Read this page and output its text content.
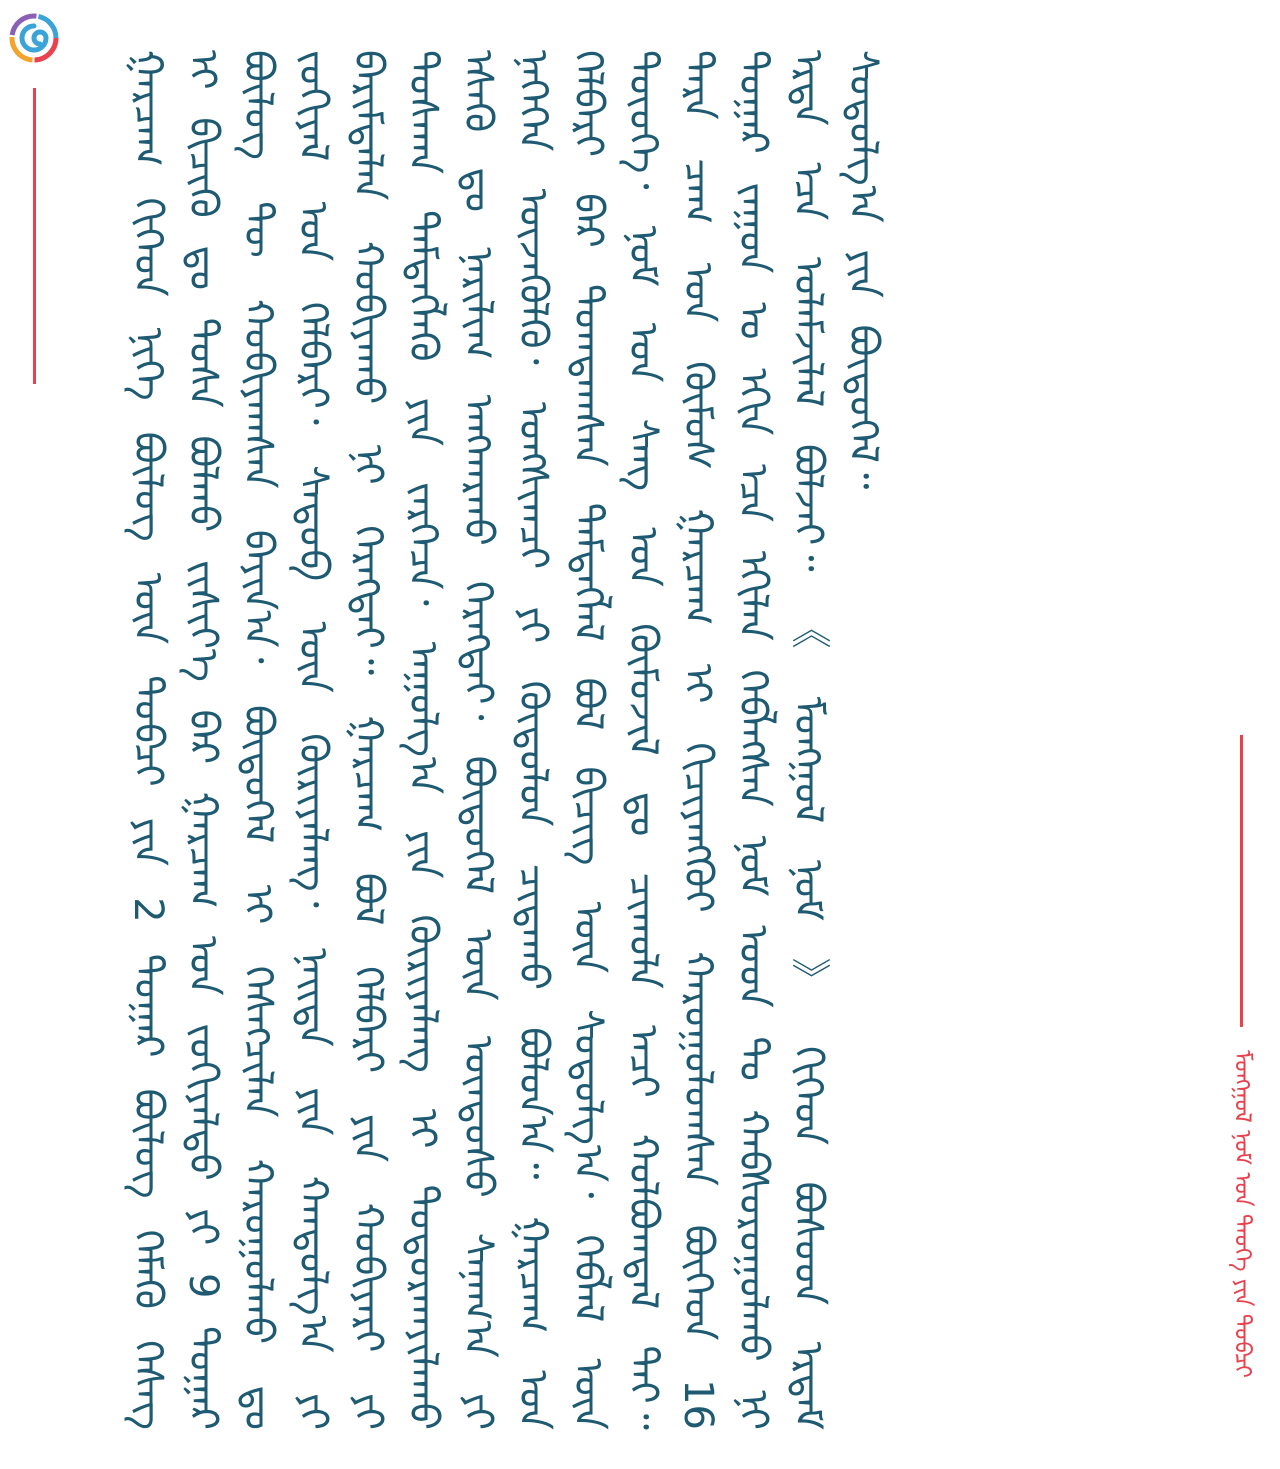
ᠭᠠᠷᠴᠠᠭ ᠬᠢᠭᠡᠳ ᠨᠢᠭᠡ ᠪᠦᠯᠦᠭ ᠦᠨ ᠲᠣᠪᠴᠢ ᠶᠢᠨ 2 ᠳᠤᠭᠠᠷ ᠪᠦᠯᠦᠭ ᠬᠡᠮᠡᠬᠦ ᠬᠡᠰᠡᠭ ᠢ ᠪᠢᠴᠢᠬᠦ ᠳᠤ ᠲᠤᠰᠠ ᠪᠣᠯᠬᠤ ᠵᠢᠱᠢᠶ᠎ᠡ ᠪᠡᠷ ᠭᠠᠷᠴᠠᠭ ᠤᠨ ᠵᠣᠬᠢᠶᠠᠯᠳᠤ ᠶᠢ 9 ᠳᠤᠭᠠᠷ ᠪᠦᠯᠦᠭ ᠲᠦ ᠬᠤᠪᠢᠶᠠᠭᠰᠠᠨ ᠪᠠᠶᠢᠨ᠎ᠠ᠂ ᠪᠦᠲᠦᠭᠡᠯ ᠢ ᠬᠡᠰᠡᠭᠴᠢᠯᠡᠨ ᠬᠠᠷᠤᠭᠤᠯᠬᠤ ᠳᠤ ᠵᠣᠬᠢᠶᠠᠯ ᠤᠨ ᠬᠡᠯᠪᠡᠷᠢ᠂ ᠰᠡᠳᠦᠪ ᠦᠨ ᠬᠦᠷᠢᠶᠡᠯᠡᠩ᠂ ᠨᠡᠢᠲᠡ ᠶᠢᠨ ᠬᠠᠨᠳᠤᠯᠭ᠎ᠠ ᠶᠢ ᠪᠠᠷᠢᠮᠲᠠᠯᠠᠨ ᠬᠤᠪᠢᠶᠠᠬᠤ ᠨᠢ ᠬᠡᠷᠡᠭᠲᠡᠢ᠃ ᠭᠠᠷᠴᠠᠭ ᠪᠣᠯ ᠬᠡᠯᠪᠡᠷᠢ ᠶᠢᠨ ᠬᠤᠪᠢᠶᠠᠷᠢ ᠶᠢ ᠲᠤᠰᠬᠠᠨ ᠲᠡᠮᠳᠡᠭᠯᠡᠬᠦ ᠶᠢᠨ ᠵᠡᠷᠭᠡᠴᠡ᠂ ᠠᠭᠤᠯᠭ᠎ᠠ ᠶᠢᠨ ᠬᠦᠷᠢᠶᠡᠯᠡᠩ ᠢ ᠲᠣᠳᠤᠷᠬᠠᠶᠢᠯᠠᠬᠤ ᠡᠰᠡᠬᠦ ᠳᠤ ᠨᠠᠷᠢᠯᠢᠭ ᠠᠩᠬᠠᠷᠬᠤ ᠬᠡᠷᠡᠭᠲᠡᠢ᠂ ᠪᠦᠲᠦᠭᠡᠯ ᠦᠨ ᠦᠨᠳᠦᠰᠦ ᠰᠠᠨᠠᠭ᠎ᠠ ᠶᠢ ᠨᠡᠭᠡᠭᠡᠨ ᠦᠵᠡᠭᠦᠯᠬᠦ᠂ ᠤᠩᠰᠢᠭᠴᠢ ᠶᠢ ᠬᠥᠲᠦᠯᠦᠨ ᠴᠢᠳᠠᠬᠤ ᠪᠣᠯᠤᠨ᠎ᠠ᠃ ᠭᠠᠷᠴᠠᠭ ᠤᠨ ᠬᠡᠯᠪᠡᠷᠢ ᠪᠡᠷ ᠲᠣᠭᠲᠠᠭᠰᠠᠨ ᠲᠡᠮᠳᠡᠭᠯᠡᠯ ᠪᠣᠯ ᠪᠢᠴᠢᠭ ᠦᠨ ᠰᠤᠳᠤᠯᠭ᠎ᠠ᠂ ᠬᠡᠪᠯᠡᠯ ᠦᠨ ᠲᠦᠦᠬᠡ᠂ ᠨᠣᠮ ᠤᠨ ᠰᠠᠩ ᠤᠨ ᠬᠦᠮᠦᠵᠢᠯ ᠳᠤ ᠴᠢᠬᠤᠯᠠ ᠠᠴᠢ ᠬᠤᠯᠪᠣᠭᠳᠠᠯ ᠲᠠᠢ᠃ ᠲᠡᠷᠡ ᠴᠠᠭ ᠤᠨ ᠬᠦᠮᠦᠰ ᠭᠠᠷᠴᠠᠭ ᠢ ᠬᠢᠴᠢᠶᠡᠩᠭᠦᠢ ᠬᠠᠷᠤᠭᠤᠯᠤᠭᠰᠠᠨ ᠪᠥᠭᠡᠳ 16 ᠳᠤᠭᠠᠷ ᠵᠠᠭᠤᠨ ᠤ ᠡᠬᠢᠨ ᠡᠴᠡ ᠡᠬᠢᠯᠡᠨ ᠬᠡᠪᠯᠡᠭᠰᠡᠨ ᠨᠣᠮ ᠤᠳ ᠲᠤ ᠬᠠᠪᠰᠤᠷᠤᠭᠤᠯᠬᠤ ᠨᠢ ᠡᠷᠲᠡ ᠡᠴᠡ ᠤᠯᠠᠮᠵᠢᠯᠠᠯ ᠪᠣᠯᠵᠠᠢ᠃ 《 ᠮᠣᠩᠭᠣᠯ ᠨᠣᠮ 》 ᠬᠢᠭᠡᠳ ᠪᠤᠰᠤᠳ ᠡᠷᠳᠡᠮ ᠰᠣᠳᠤᠯᠭ᠎ᠠ ᠶᠢᠨ ᠪᠦᠲᠦᠭᠡᠯ᠃

ᠮᠣᠩᠭᠣᠯ ᠨᠣᠮ ᠤᠨ ᠲᠡᠦᠬᠡ ᠶᠢᠨ ᠲᠣᠪᠴᠢ
